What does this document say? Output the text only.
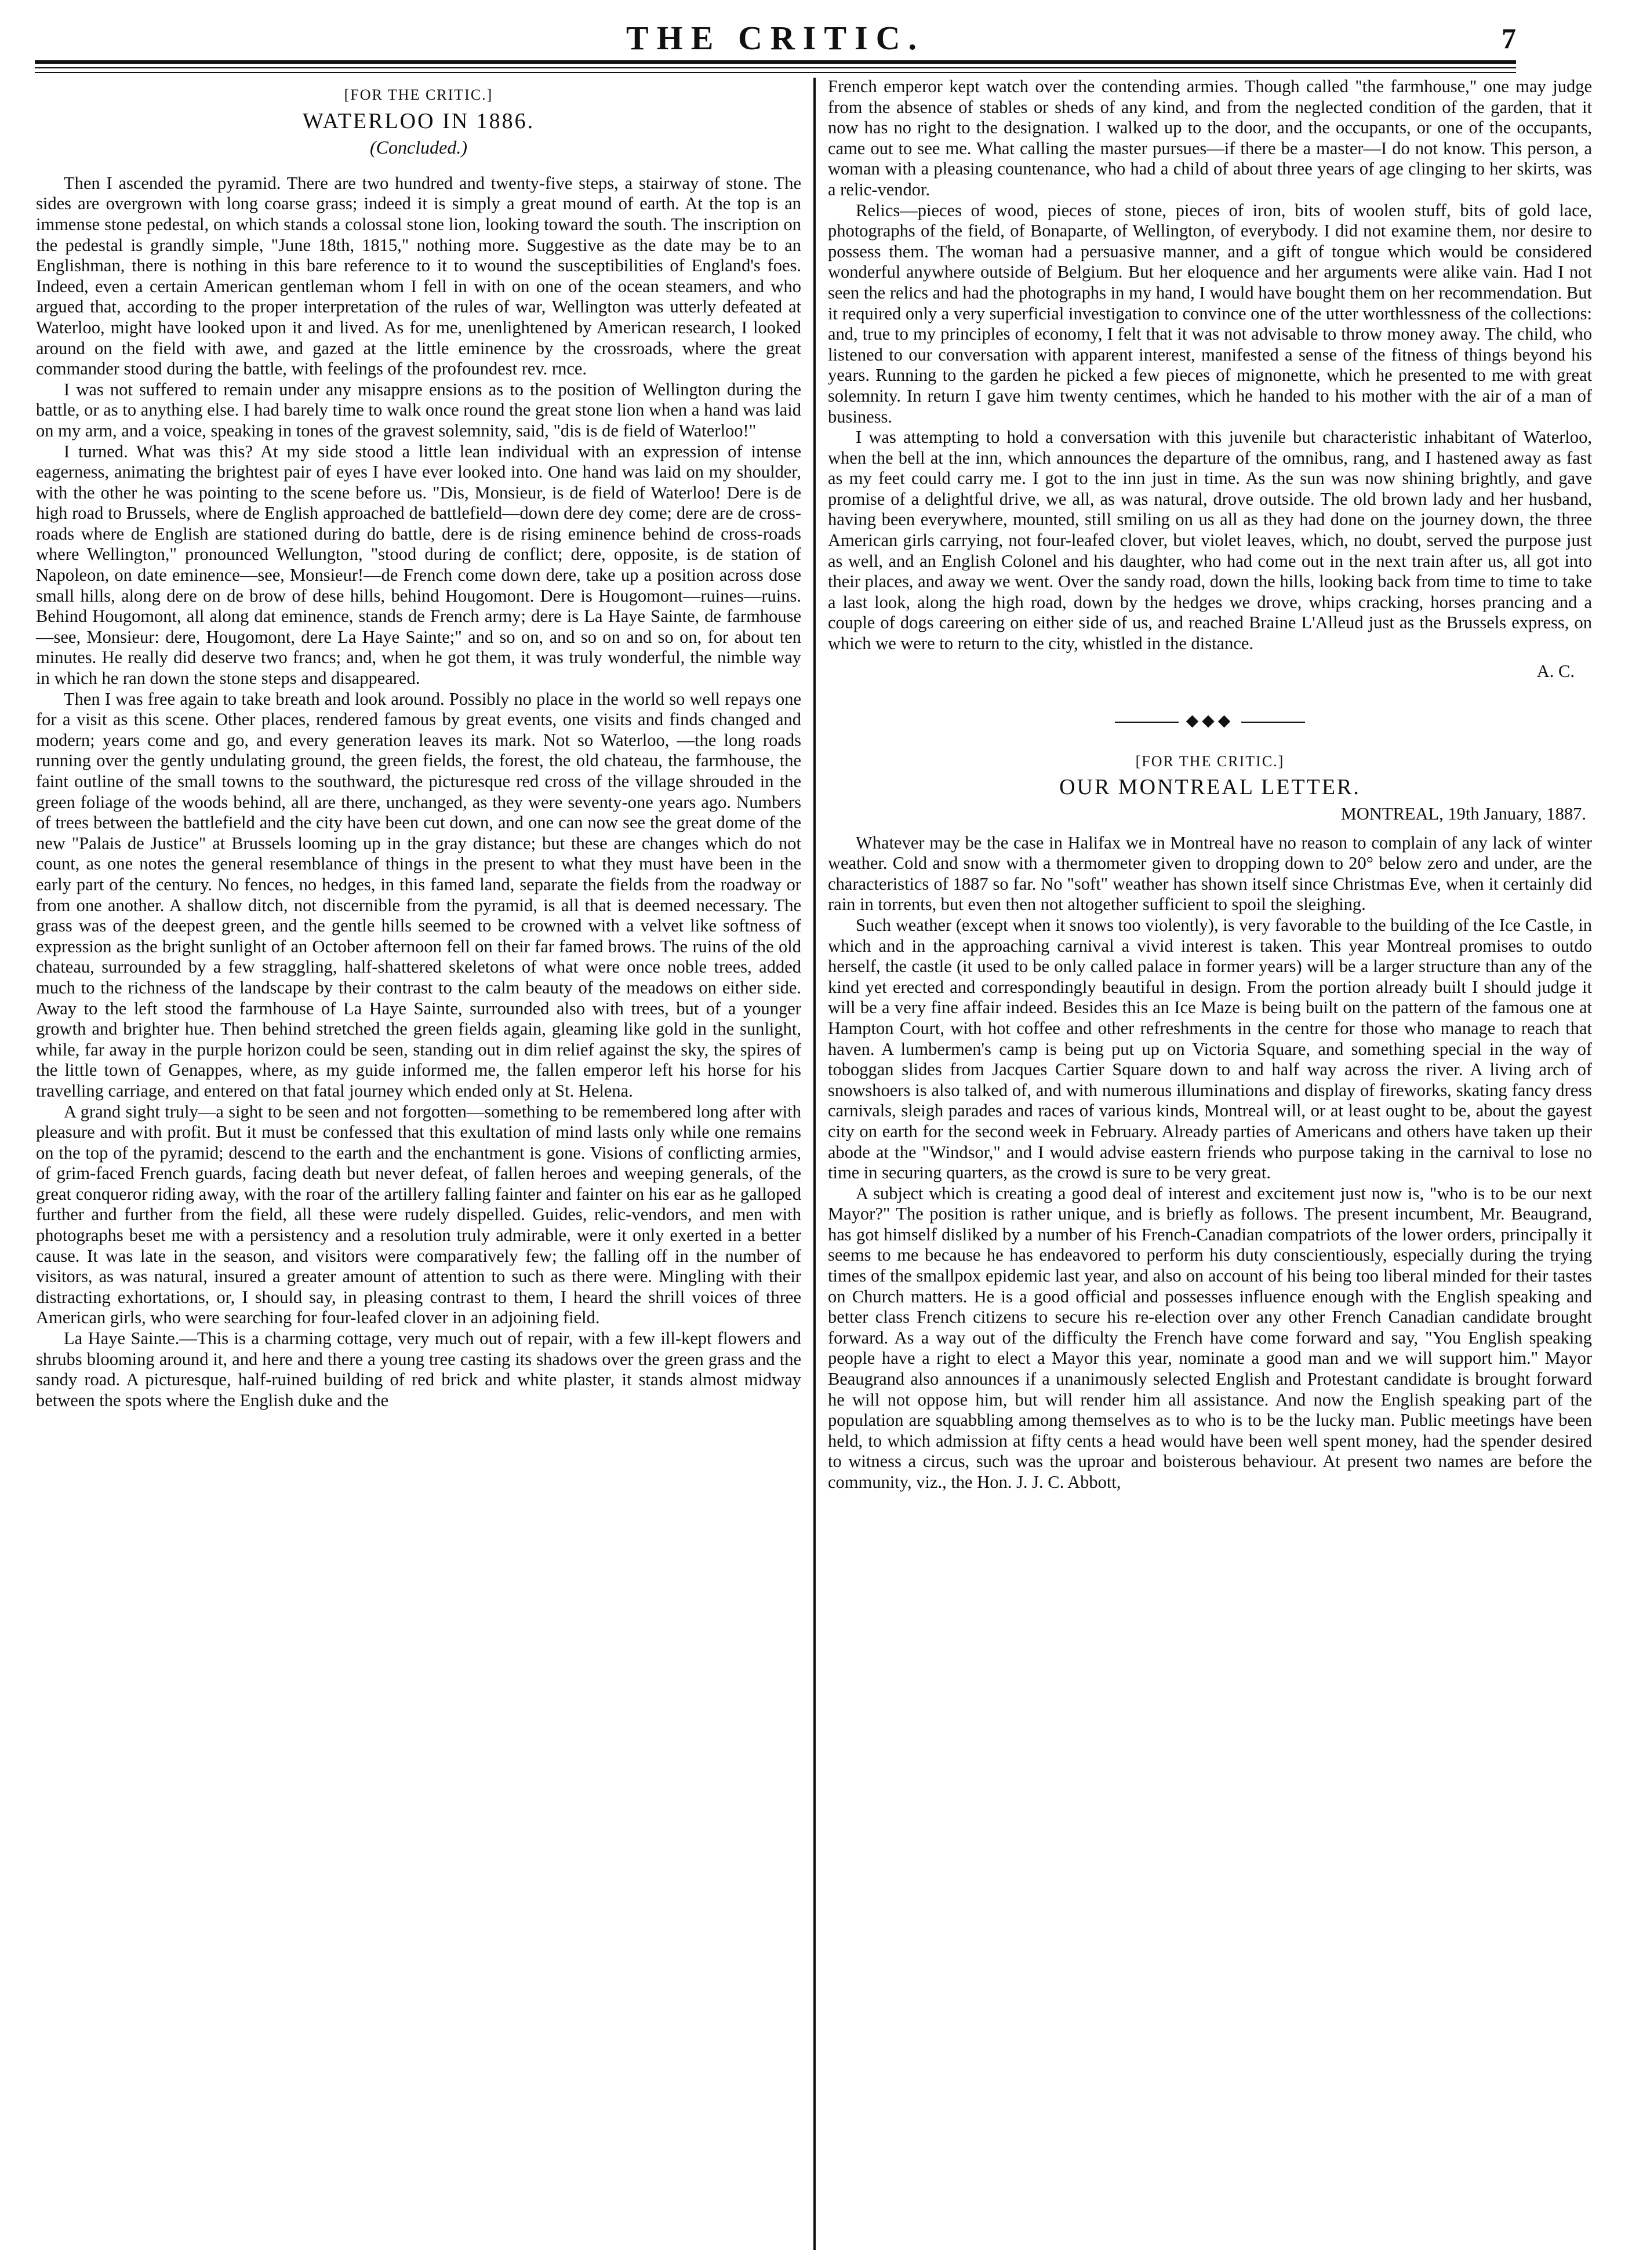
THE CRITIC.	7
[FOR THE CRITIC.]
WATERLOO IN 1886.
(Concluded.)

Then I ascended the pyramid. There are two hundred and twenty-five steps, a stairway of stone. The sides are overgrown with long coarse grass; indeed it is simply a great mound of earth. At the top is an immense stone pedestal, on which stands a colossal stone lion, looking toward the south. The inscription on the pedestal is grandly simple, "June 18th, 1815," nothing more. Suggestive as the date may be to an Englishman, there is nothing in this bare reference to it to wound the susceptibilities of England's foes. Indeed, even a certain American gentleman whom I fell in with on one of the ocean steamers, and who argued that, according to the proper interpretation of the rules of war, Wellington was utterly defeated at Waterloo, might have looked upon it and lived. As for me, unenlightened by American research, I looked around on the field with awe, and gazed at the little eminence by the crossroads, where the great commander stood during the battle, with feelings of the profoundest rev. rnce.

I was not suffered to remain under any misappre ensions as to the position of Wellington during the battle, or as to anything else. I had barely time to walk once round the great stone lion when a hand was laid on my arm, and a voice, speaking in tones of the gravest solemnity, said, "dis is de field of Waterloo!"

I turned. What was this? At my side stood a little lean individual with an expression of intense eagerness, animating the brightest pair of eyes I have ever looked into. One hand was laid on my shoulder, with the other he was pointing to the scene before us. "Dis, Monsieur, is de field of Waterloo! Dere is de high road to Brussels, where de English approached de battlefield—down dere dey come; dere are de cross-roads where de English are stationed during do battle, dere is de rising eminence behind de cross-roads where Wellington," pronounced Wellungton, "stood during de conflict; dere, opposite, is de station of Napoleon, on date eminence—see, Monsieur!—de French come down dere, take up a position across dose small hills, along dere on de brow of dese hills, behind Hougomont. Dere is Hougomont—ruines—ruins. Behind Hougomont, all along dat eminence, stands de French army; dere is La Haye Sainte, de farmhouse—see, Monsieur: dere, Hougomont, dere La Haye Sainte;" and so on, and so on and so on, for about ten minutes. He really did deserve two francs; and, when he got them, it was truly wonderful, the nimble way in which he ran down the stone steps and disappeared.

Then I was free again to take breath and look around. Possibly no place in the world so well repays one for a visit as this scene. Other places, rendered famous by great events, one visits and finds changed and modern; years come and go, and every generation leaves its mark. Not so Waterloo, —the long roads running over the gently undulating ground, the green fields, the forest, the old chateau, the farmhouse, the faint outline of the small towns to the southward, the picturesque red cross of the village shrouded in the green foliage of the woods behind, all are there, unchanged, as they were seventy-one years ago. Numbers of trees between the battlefield and the city have been cut down, and one can now see the great dome of the new "Palais de Justice" at Brussels looming up in the gray distance; but these are changes which do not count, as one notes the general resemblance of things in the present to what they must have been in the early part of the century. No fences, no hedges, in this famed land, separate the fields from the roadway or from one another. A shallow ditch, not discernible from the pyramid, is all that is deemed necessary. The grass was of the deepest green, and the gentle hills seemed to be crowned with a velvet like softness of expression as the bright sunlight of an October afternoon fell on their far famed brows. The ruins of the old chateau, surrounded by a few straggling, half-shattered skeletons of what were once noble trees, added much to the richness of the landscape by their contrast to the calm beauty of the meadows on either side. Away to the left stood the farmhouse of La Haye Sainte, surrounded also with trees, but of a younger growth and brighter hue. Then behind stretched the green fields again, gleaming like gold in the sunlight, while, far away in the purple horizon could be seen, standing out in dim relief against the sky, the spires of the little town of Genappes, where, as my guide informed me, the fallen emperor left his horse for his travelling carriage, and entered on that fatal journey which ended only at St. Helena.

A grand sight truly—a sight to be seen and not forgotten—something to be remembered long after with pleasure and with profit. But it must be confessed that this exultation of mind lasts only while one remains on the top of the pyramid; descend to the earth and the enchantment is gone. Visions of conflicting armies, of grim-faced French guards, facing death but never defeat, of fallen heroes and weeping generals, of the great conqueror riding away, with the roar of the artillery falling fainter and fainter on his ear as he galloped further and further from the field, all these were rudely dispelled. Guides, relic-vendors, and men with photographs beset me with a persistency and a resolution truly admirable, were it only exerted in a better cause. It was late in the season, and visitors were comparatively few; the falling off in the number of visitors, as was natural, insured a greater amount of attention to such as there were. Mingling with their distracting exhortations, or, I should say, in pleasing contrast to them, I heard the shrill voices of three American girls, who were searching for four-leafed clover in an adjoining field.

La Haye Sainte.—This is a charming cottage, very much out of repair, with a few ill-kept flowers and shrubs blooming around it, and here and there a young tree casting its shadows over the green grass and the sandy road. A picturesque, half-ruined building of red brick and white plaster, it stands almost midway between the spots where the English duke and the

French emperor kept watch over the contending armies. Though called "the farmhouse," one may judge from the absence of stables or sheds of any kind, and from the neglected condition of the garden, that it now has no right to the designation. I walked up to the door, and the occupants, or one of the occupants, came out to see me. What calling the master pursues—if there be a master—I do not know. This person, a woman with a pleasing countenance, who had a child of about three years of age clinging to her skirts, was a relic-vendor.

Relics—pieces of wood, pieces of stone, pieces of iron, bits of woolen stuff, bits of gold lace, photographs of the field, of Bonaparte, of Wellington, of everybody. I did not examine them, nor desire to possess them. The woman had a persuasive manner, and a gift of tongue which would be considered wonderful anywhere outside of Belgium. But her eloquence and her arguments were alike vain. Had I not seen the relics and had the photographs in my hand, I would have bought them on her recommendation. But it required only a very superficial investigation to convince one of the utter worthlessness of the collections: and, true to my principles of economy, I felt that it was not advisable to throw money away. The child, who listened to our conversation with apparent interest, manifested a sense of the fitness of things beyond his years. Running to the garden he picked a few pieces of mignonette, which he presented to me with great solemnity. In return I gave him twenty centimes, which he handed to his mother with the air of a man of business.

I was attempting to hold a conversation with this juvenile but characteristic inhabitant of Waterloo, when the bell at the inn, which announces the departure of the omnibus, rang, and I hastened away as fast as my feet could carry me. I got to the inn just in time. As the sun was now shining brightly, and gave promise of a delightful drive, we all, as was natural, drove outside. The old brown lady and her husband, having been everywhere, mounted, still smiling on us all as they had done on the journey down, the three American girls carrying, not four-leafed clover, but violet leaves, which, no doubt, served the purpose just as well, and an English Colonel and his daughter, who had come out in the next train after us, all got into their places, and away we went. Over the sandy road, down the hills, looking back from time to time to take a last look, along the high road, down by the hedges we drove, whips cracking, horses prancing and a couple of dogs careering on either side of us, and reached Braine L'Alleud just as the Brussels express, on which we were to return to the city, whistled in the distance.

A. C.
◆◆◆
[FOR THE CRITIC.]
OUR MONTREAL LETTER.
MONTREAL, 19th January, 1887.

Whatever may be the case in Halifax we in Montreal have no reason to complain of any lack of winter weather. Cold and snow with a thermometer given to dropping down to 20° below zero and under, are the characteristics of 1887 so far. No "soft" weather has shown itself since Christmas Eve, when it certainly did rain in torrents, but even then not altogether sufficient to spoil the sleighing.

Such weather (except when it snows too violently), is very favorable to the building of the Ice Castle, in which and in the approaching carnival a vivid interest is taken. This year Montreal promises to outdo herself, the castle (it used to be only called palace in former years) will be a larger structure than any of the kind yet erected and correspondingly beautiful in design. From the portion already built I should judge it will be a very fine affair indeed. Besides this an Ice Maze is being built on the pattern of the famous one at Hampton Court, with hot coffee and other refreshments in the centre for those who manage to reach that haven. A lumbermen's camp is being put up on Victoria Square, and something special in the way of toboggan slides from Jacques Cartier Square down to and half way across the river. A living arch of snowshoers is also talked of, and with numerous illuminations and display of fireworks, skating fancy dress carnivals, sleigh parades and races of various kinds, Montreal will, or at least ought to be, about the gayest city on earth for the second week in February. Already parties of Americans and others have taken up their abode at the "Windsor," and I would advise eastern friends who purpose taking in the carnival to lose no time in securing quarters, as the crowd is sure to be very great.

A subject which is creating a good deal of interest and excitement just now is, "who is to be our next Mayor?" The position is rather unique, and is briefly as follows. The present incumbent, Mr. Beaugrand, has got himself disliked by a number of his French-Canadian compatriots of the lower orders, principally it seems to me because he has endeavored to perform his duty conscientiously, especially during the trying times of the smallpox epidemic last year, and also on account of his being too liberal minded for their tastes on Church matters. He is a good official and possesses influence enough with the English speaking and better class French citizens to secure his re-election over any other French Canadian candidate brought forward. As a way out of the difficulty the French have come forward and say, "You English speaking people have a right to elect a Mayor this year, nominate a good man and we will support him." Mayor Beaugrand also announces if a unanimously selected English and Protestant candidate is brought forward he will not oppose him, but will render him all assistance. And now the English speaking part of the population are squabbling among themselves as to who is to be the lucky man. Public meetings have been held, to which admission at fifty cents a head would have been well spent money, had the spender desired to witness a circus, such was the uproar and boisterous behaviour. At present two names are before the community, viz., the Hon. J. J. C. Abbott,
